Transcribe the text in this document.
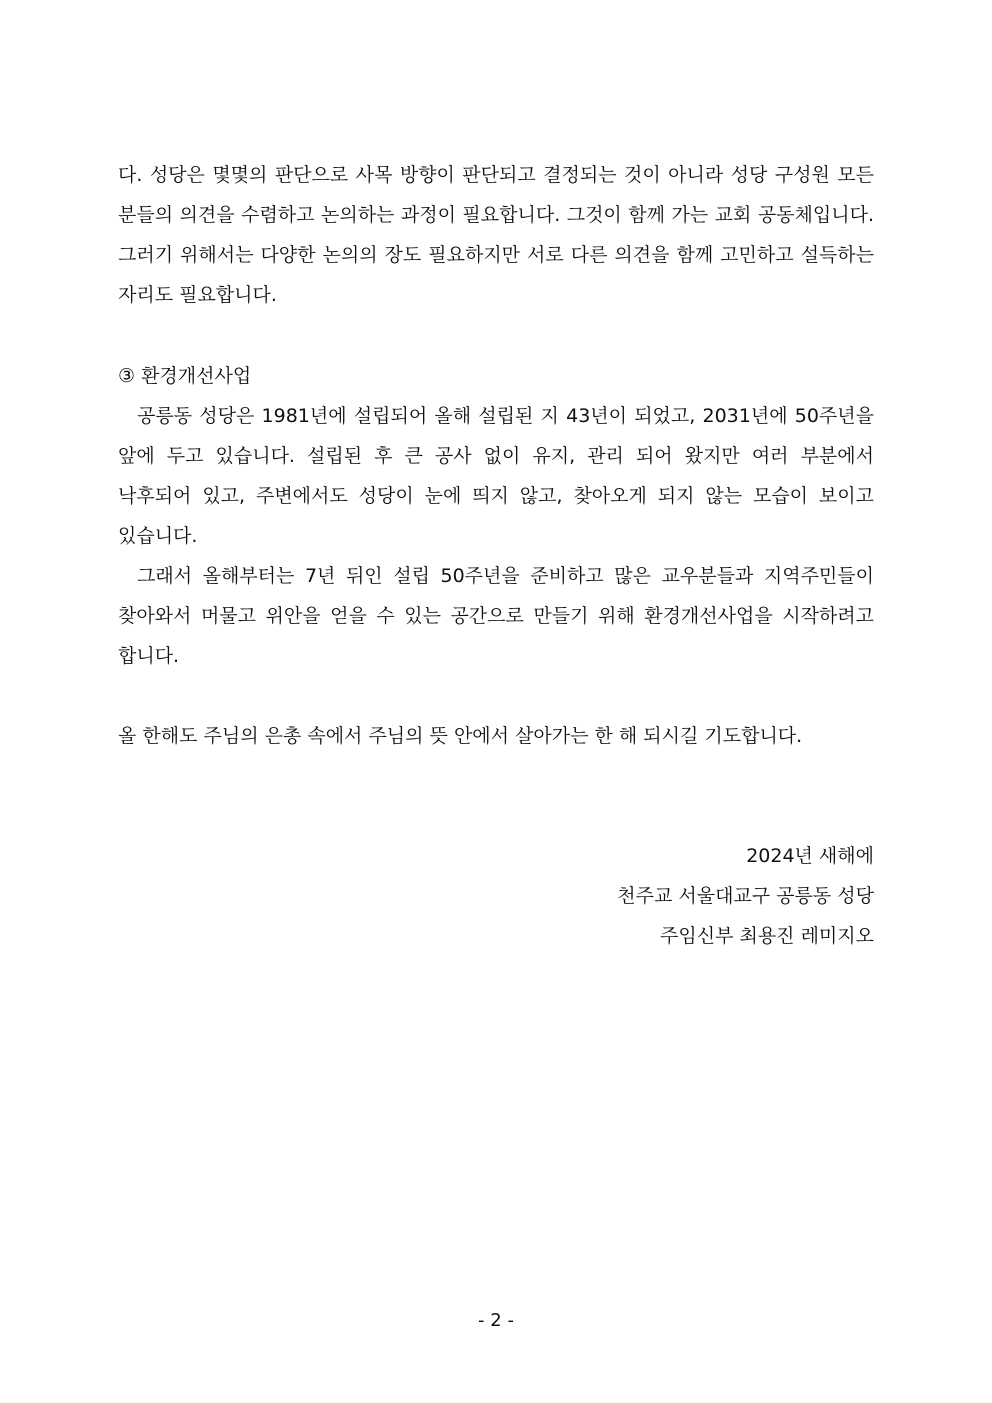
다. 성당은 몇몇의 판단으로 사목 방향이 판단되고 결정되는 것이 아니라 성당 구성원 모든 분들의 의견을 수렴하고 논의하는 과정이 필요합니다. 그것이 함께 가는 교회 공동체입니다. 그러기 위해서는 다양한 논의의 장도 필요하지만 서로 다른 의견을 함께 고민하고 설득하는 자리도 필요합니다.

③ 환경개선사업

공릉동 성당은 1981년에 설립되어 올해 설립된 지 43년이 되었고, 2031년에 50주년을 앞에 두고 있습니다. 설립된 후 큰 공사 없이 유지, 관리 되어 왔지만 여러 부분에서 낙후되어 있고, 주변에서도 성당이 눈에 띄지 않고, 찾아오게 되지 않는 모습이 보이고 있습니다.

그래서 올해부터는 7년 뒤인 설립 50주년을 준비하고 많은 교우분들과 지역주민들이 찾아와서 머물고 위안을 얻을 수 있는 공간으로 만들기 위해 환경개선사업을 시작하려고 합니다.

올 한해도 주님의 은총 속에서 주님의 뜻 안에서 살아가는 한 해 되시길 기도합니다.

2024년 새해에

천주교 서울대교구 공릉동 성당

주임신부 최용진 레미지오

- 2 -
